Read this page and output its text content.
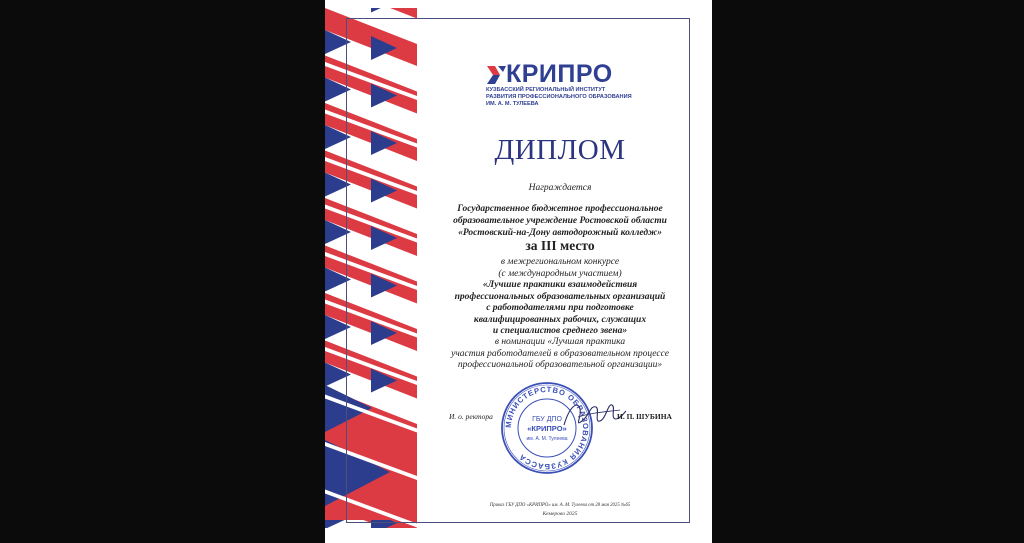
КРИПРО
КУЗБАССКИЙ РЕГИОНАЛЬНЫЙ ИНСТИТУТ
РАЗВИТИЯ ПРОФЕССИОНАЛЬНОГО ОБРАЗОВАНИЯ
ИМ. А. М. ТУЛЕЕВА
ДИПЛОМ
Награждается
Государственное бюджетное профессиональное
образовательное учреждение Ростовской области
«Ростовский-на-Дону автодорожный колледж»
за III место
в межрегиональном конкурсе
(с международным участием)
«Лучшие практики взаимодействия
профессиональных образовательных организаций
с работодателями при подготовке
квалифицированных рабочих, служащих
и специалистов среднего звена»
в номинации «Лучшая практика
участия работодателей в образовательном процессе
профессиональной образовательной организации»
И. о. ректора
МИНИСТЕРСТВО ОБРАЗОВАНИЯ КУЗБАССА
ГБУ ДПО
«КРИПРО»
им. А. М. Тулеева
И. П. ШУБИНА
Приказ ГБУ ДПО «КРИПРО» им. А. М. Тулеева от 28 мая 2025 №65
Кемерово 2025
